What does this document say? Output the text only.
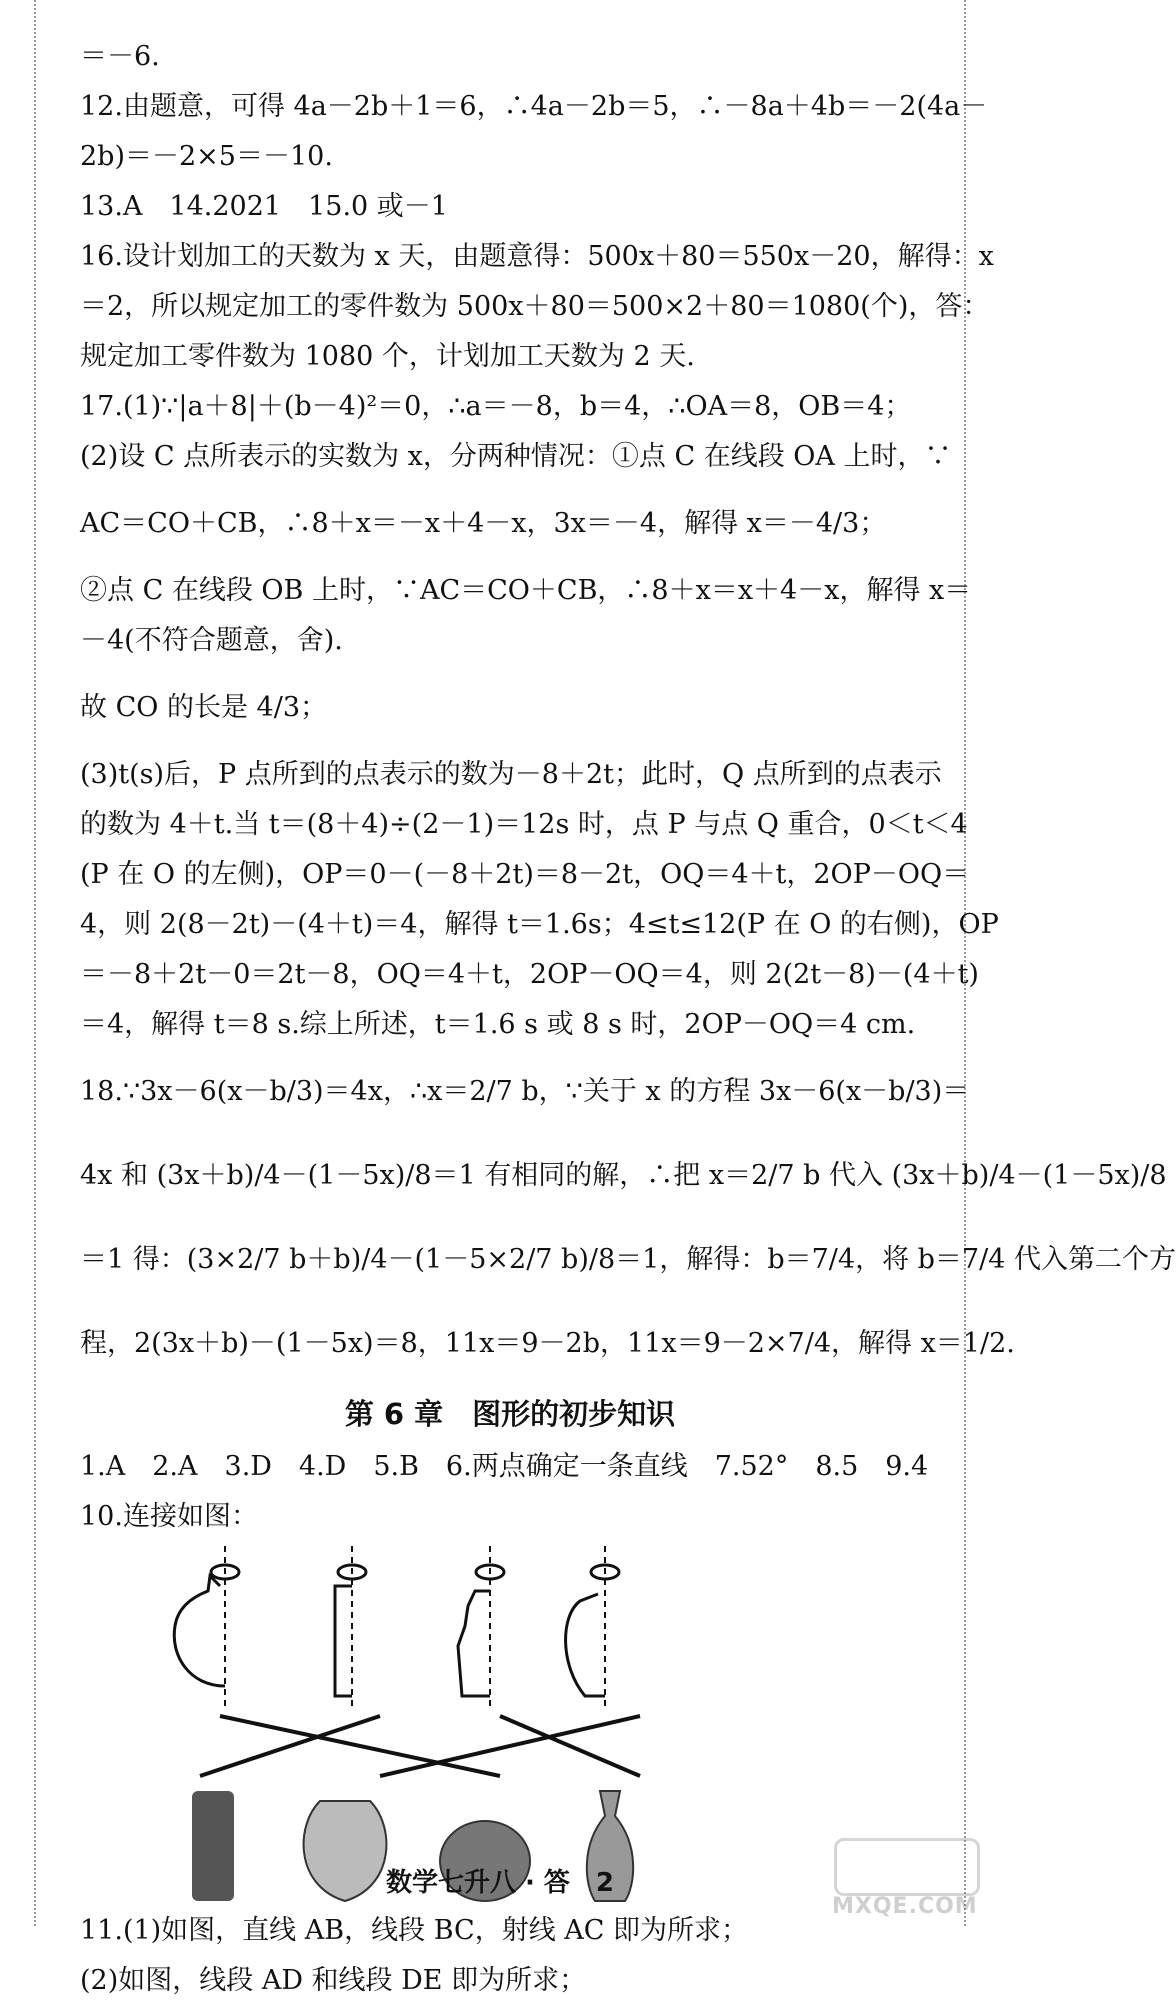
＝－6.
12.由题意，可得 4a－2b＋1＝6，∴4a－2b＝5，∴－8a＋4b＝－2(4a－
2b)＝－2×5＝－10.
13.A　14.2021　15.0 或－1
16.设计划加工的天数为 x 天，由题意得：500x＋80＝550x－20，解得：x
＝2，所以规定加工的零件数为 500x＋80＝500×2＋80＝1080(个)，答：
规定加工零件数为 1080 个，计划加工天数为 2 天.
17.(1)∵|a＋8|＋(b－4)²＝0，∴a＝－8，b＝4，∴OA＝8，OB＝4；
(2)设 C 点所表示的实数为 x，分两种情况：①点 C 在线段 OA 上时，∵
AC＝CO＋CB，∴8＋x＝－x＋4－x，3x＝－4，解得 x＝－4/3；
②点 C 在线段 OB 上时，∵AC＝CO＋CB，∴8＋x＝x＋4－x，解得 x＝
－4(不符合题意，舍).
故 CO 的长是 4/3；
(3)t(s)后，P 点所到的点表示的数为－8＋2t；此时，Q 点所到的点表示
的数为 4＋t.当 t＝(8＋4)÷(2－1)＝12s 时，点 P 与点 Q 重合，0＜t＜4
(P 在 O 的左侧)，OP＝0－(－8＋2t)＝8－2t，OQ＝4＋t，2OP－OQ＝
4，则 2(8－2t)－(4＋t)＝4，解得 t＝1.6s；4≤t≤12(P 在 O 的右侧)，OP
＝－8＋2t－0＝2t－8，OQ＝4＋t，2OP－OQ＝4，则 2(2t－8)－(4＋t)
＝4，解得 t＝8 s.综上所述，t＝1.6 s 或 8 s 时，2OP－OQ＝4 cm.
18.∵3x－6(x－b/3)＝4x，∴x＝2/7 b，∵关于 x 的方程 3x－6(x－b/3)＝
4x 和 (3x＋b)/4－(1－5x)/8＝1 有相同的解，∴把 x＝2/7 b 代入 (3x＋b)/4－(1－5x)/8
＝1 得：(3×2/7 b＋b)/4－(1－5×2/7 b)/8＝1，解得：b＝7/4，将 b＝7/4 代入第二个方
程，2(3x＋b)－(1－5x)＝8，11x＝9－2b，11x＝9－2×7/4，解得 x＝1/2.
第 6 章　图形的初步知识
1.A　2.A　3.D　4.D　5.B　6.两点确定一条直线　7.52°　8.5　9.4
10.连接如图：
11.(1)如图，直线 AB，线段 BC，射线 AC 即为所求；
(2)如图，线段 AD 和线段 DE 即为所求；
数学七升八 · 答　2
MXQE.COM
